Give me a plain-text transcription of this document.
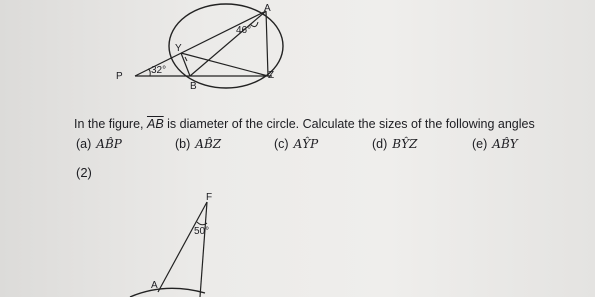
A
Y
P
B
Z
46°
32°
In the figure, $\overline{AB}$ is diameter of the circle. Calculate the sizes of the following angles
(a) AB̂P	(b) AB̂Z	(c) AŶP	(d) BŶZ	(e) AB̂Y
(2)
F
50°
A
